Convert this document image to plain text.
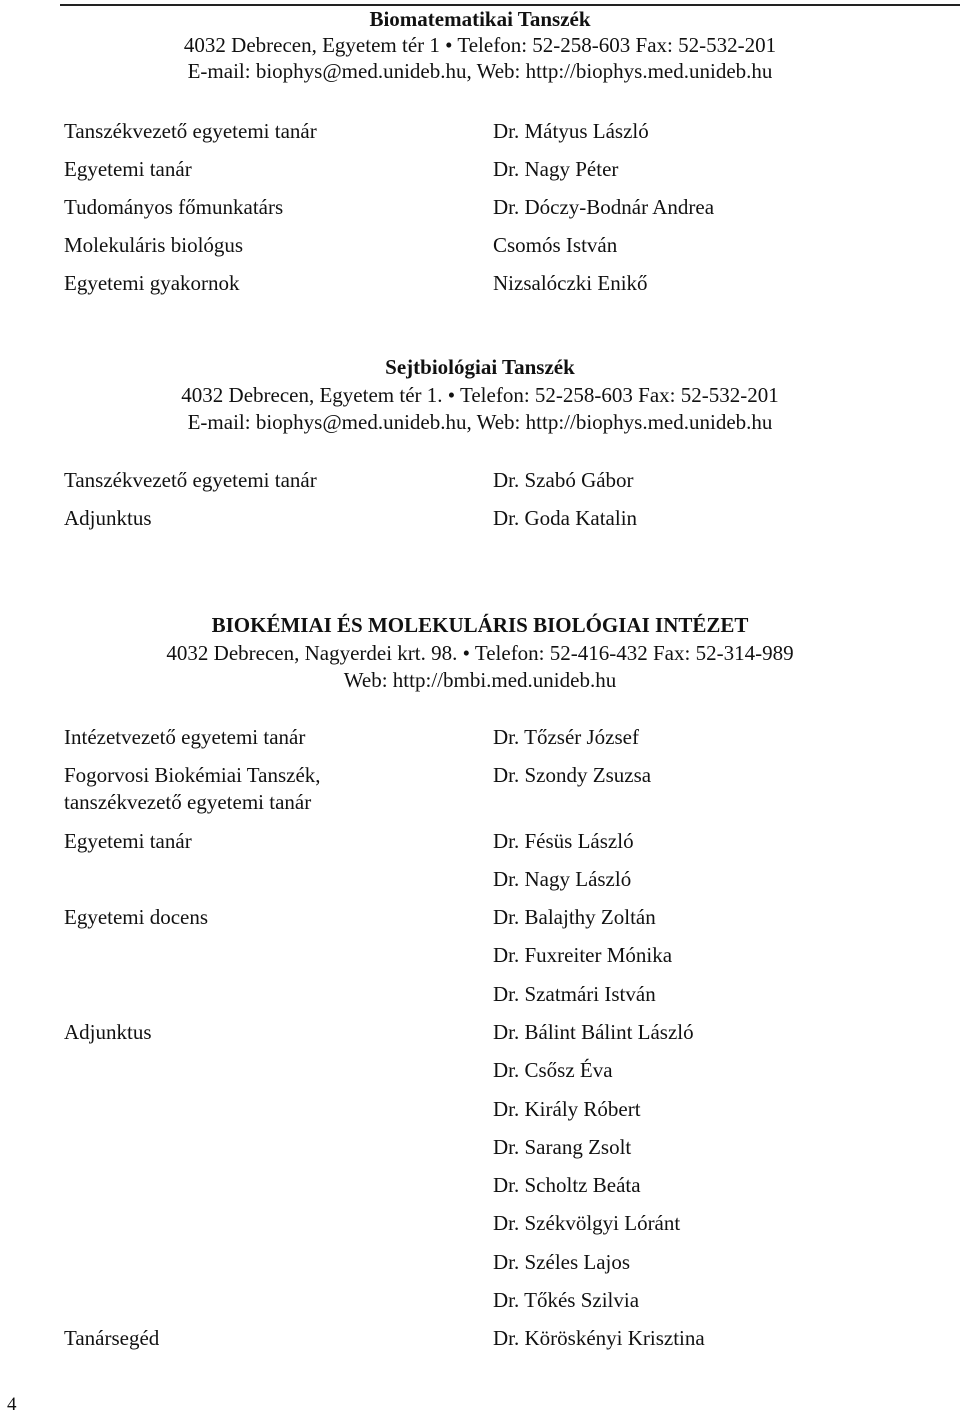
Biomatematikai Tanszék
4032 Debrecen, Egyetem tér 1 • Telefon: 52-258-603 Fax: 52-532-201
E-mail: biophys@med.unideb.hu, Web: http://biophys.med.unideb.hu
Tanszékvezető egyetemi tanár	Dr. Mátyus László
Egyetemi tanár	Dr. Nagy Péter
Tudományos főmunkatárs	Dr. Dóczy-Bodnár Andrea
Molekuláris biológus	Csomós István
Egyetemi gyakornok	Nizsalóczki Enikő
Sejtbiológiai Tanszék
4032 Debrecen, Egyetem tér 1. • Telefon: 52-258-603 Fax: 52-532-201
E-mail: biophys@med.unideb.hu, Web: http://biophys.med.unideb.hu
Tanszékvezető egyetemi tanár	Dr. Szabó Gábor
Adjunktus	Dr. Goda Katalin
BIOKÉMIAI ÉS MOLEKULÁRIS BIOLÓGIAI INTÉZET
4032 Debrecen, Nagyerdei krt. 98. • Telefon: 52-416-432 Fax: 52-314-989
Web: http://bmbi.med.unideb.hu
Intézetvezető egyetemi tanár	Dr. Tőzsér József
Fogorvosi Biokémiai Tanszék,	Dr. Szondy Zsuzsa
tanszékvezető egyetemi tanár
Egyetemi tanár	Dr. Fésüs László
Dr. Nagy László
Egyetemi docens	Dr. Balajthy Zoltán
Dr. Fuxreiter Mónika
Dr. Szatmári István
Adjunktus	Dr. Bálint Bálint László
Dr. Csősz Éva
Dr. Király Róbert
Dr. Sarang Zsolt
Dr. Scholtz Beáta
Dr. Székvölgyi Lóránt
Dr. Széles Lajos
Dr. Tőkés Szilvia
Tanársegéd	Dr. Köröskényi Krisztina
4
